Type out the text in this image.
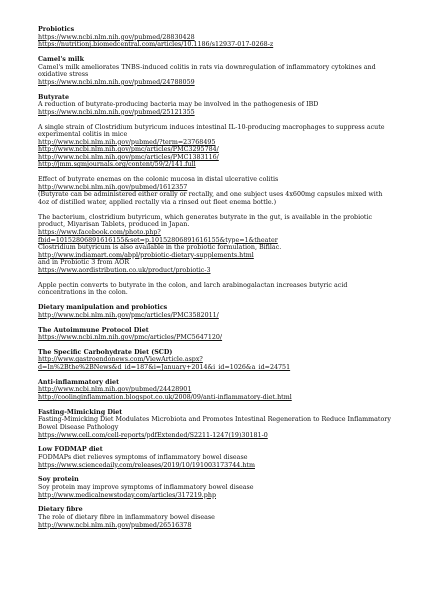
Probiotics
https://www.ncbi.nlm.nih.gov/pubmed/28830428
https://nutritionj.biomedcentral.com/articles/10.1186/s12937-017-0268-z
Camel's milk
Camel's milk ameliorates TNBS-induced colitis in rats via downregulation of inflammatory cytokines and oxidative stress
https://www.ncbi.nlm.nih.gov/pubmed/24788059
Butyrate
A reduction of butyrate-producing bacteria may be involved in the pathogenesis of IBD
https://www.ncbi.nlm.nih.gov/pubmed/25121355
A single strain of Clostridium butyricum induces intestinal IL-10-producing macrophages to suppress acute experimental colitis in mice
http://www.ncbi.nlm.nih.gov/pubmed/?term=23768495
http://www.ncbi.nlm.nih.gov/pmc/articles/PMC3295784/
http://www.ncbi.nlm.nih.gov/pmc/articles/PMC1383116/
http://jmm.sgmjournals.org/content/59/2/141.full
Effect of butyrate enemas on the colonic mucosa in distal ulcerative colitis
http://www.ncbi.nlm.nih.gov/pubmed/1612357
(Butyrate can be administered either orally or rectally, and one subject uses 4x600mg capsules mixed with 4oz of distilled water, applied rectally via a rinsed out fleet enema bottle.)
The bacterium, clostridium butyricum, which generates butyrate in the gut, is available in the probiotic product, Miyarisan Tablets, produced in Japan.
https://www.facebook.com/photo.php?
fbid=10152806891616155&set=p.10152806891616155&type=1&theater
Clostridium butyricum is also available in the probiotic formulation, Bifilac.
http://www.indiamart.com/abpl/probiotic-dietary-supplements.html
and in Probiotic 3 from AOR
https://www.aordistribution.co.uk/product/probiotic-3
Apple pectin converts to butyrate in the colon, and larch arabinogalactan increases butyric acid concentrations in the colon.
Dietary manipulation and probiotics
http://www.ncbi.nlm.nih.gov/pmc/articles/PMC3582011/
The Autoimmune Protocol Diet
https://www.ncbi.nlm.nih.gov/pmc/articles/PMC5647120/
The Specific Carbohydrate Diet (SCD)
http://www.gastroendonews.com/ViewArticle.aspx?
d=In%2Bthe%2BNews&d_id=187&i=January+2014&i_id=1026&a_id=24751
Anti-inflammatory diet
http://www.ncbi.nlm.nih.gov/pubmed/24428901
http://coolinginflammation.blogspot.co.uk/2008/09/anti-inflammatory-diet.html
Fasting-Mimicking Diet
Fasting-Mimicking Diet Modulates Microbiota and Promotes Intestinal Regeneration to Reduce Inflammatory Bowel Disease Pathology
https://www.cell.com/cell-reports/pdfExtended/S2211-1247(19)30181-0
Low FODMAP diet
FODMAPs diet relieves symptoms of inflammatory bowel disease
https://www.sciencedaily.com/releases/2019/10/191003173744.htm
Soy protein
Soy protein may improve symptoms of inflammatory bowel disease
http://www.medicalnewstoday.com/articles/317219.php
Dietary fibre
The role of dietary fibre in inflammatory bowel disease
http://www.ncbi.nlm.nih.gov/pubmed/26516378
